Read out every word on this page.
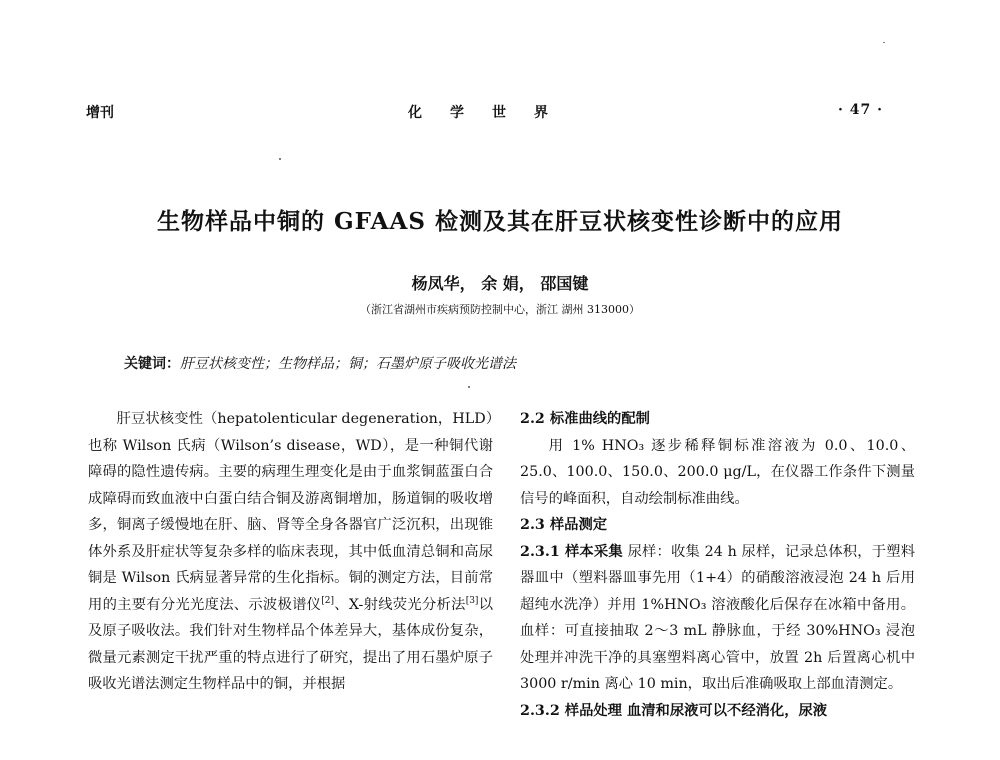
增刊	化学世界	· 47 ·
生物样品中铜的 GFAAS 检测及其在肝豆状核变性诊断中的应用
杨凤华， 余 娟， 邵国键
（浙江省湖州市疾病预防控制中心，浙江 湖州 313000）
关键词：肝豆状核变性；生物样品；铜；石墨炉原子吸收光谱法

肝豆状核变性（hepatolenticular degeneration，HLD）也称 Wilson 氏病（Wilson’s disease，WD），是一种铜代谢障碍的隐性遗传病。主要的病理生理变化是由于血浆铜蓝蛋白合成障碍而致血液中白蛋白结合铜及游离铜增加，肠道铜的吸收增多，铜离子缓慢地在肝、脑、肾等全身各器官广泛沉积，出现锥体外系及肝症状等复杂多样的临床表现，其中低血清总铜和高尿铜是 Wilson 氏病显著异常的生化指标。铜的测定方法，目前常用的主要有分光光度法、示波极谱仪[2]、X-射线荧光分析法[3]以及原子吸收法。我们针对生物样品个体差异大，基体成份复杂，微量元素测定干扰严重的特点进行了研究，提出了用石墨炉原子吸收光谱法测定生物样品中的铜，并根据

2.2 标准曲线的配制

用 1% HNO₃ 逐步稀释铜标准溶液为 0.0、10.0、25.0、100.0、150.0、200.0 μg/L，在仪器工作条件下测量信号的峰面积，自动绘制标准曲线。

2.3 样品测定

2.3.1 样本采集 尿样：收集 24 h 尿样，记录总体积，于塑料器皿中（塑料器皿事先用（1+4）的硝酸溶液浸泡 24 h 后用超纯水洗净）并用 1%HNO₃ 溶液酸化后保存在冰箱中备用。血样：可直接抽取 2～3 mL 静脉血，于经 30%HNO₃ 浸泡处理并冲洗干净的具塞塑料离心管中，放置 2h 后置离心机中 3000 r/min 离心 10 min，取出后准确吸取上部血清测定。

2.3.2 样品处理 血清和尿液可以不经消化，尿液
